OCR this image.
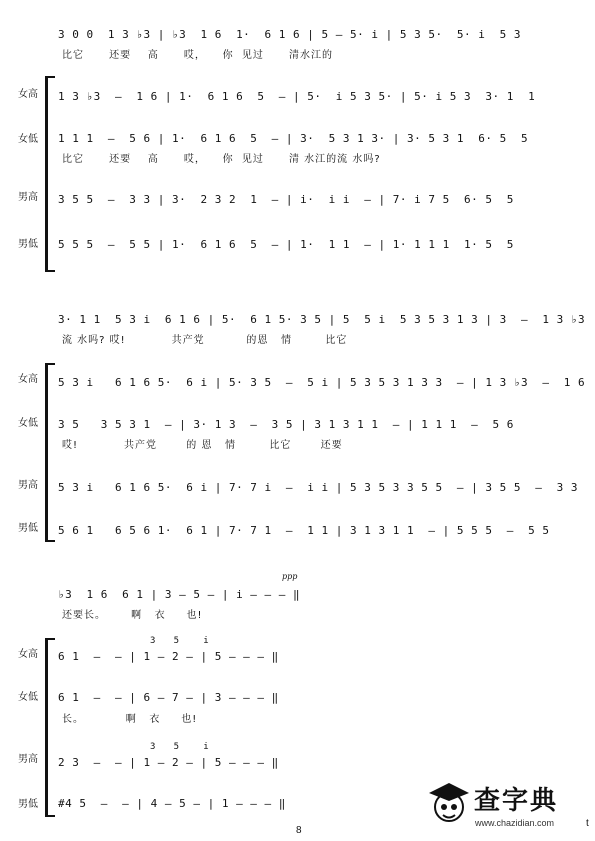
3 0 0  1 3 ♭3 | ♭3  1 6  1·  6 1 6 | 5 — 5· i | 5 3 5·  5· i  5 3
比它      还要    高      哎，    你  见过      清水江的
女高 1 3 ♭3  —  1 6 | 1·  6 1 6  5  — | 5·  i 5 3 5· | 5· i 5 3  3· 1  1
女低 1 1 1  —  5 6 | 1·  6 1 6  5  — | 3·  5 3 1 3· | 3· 5 3 1  6· 5  5
比它      还要    高      哎，    你  见过      清 水江的流 水吗?
男高 3 5 5  —  3 3 | 3·  2 3 2  1  — | i·  i i  — | 7· i 7 5  6· 5  5
男低 5 5 5  —  5 5 | 1·  6 1 6  5  — | 1·  1 1  — | 1· 1 1 1  1· 5  5
3· 1 1  5 3 i  6 1 6 | 5·  6 1 5· 3 5 | 5  5 i  5 3 5 3 1 3 | 3  —  1 3 ♭3
流 水吗? 哎!           共产党          的恩   情        比它
女高 5 3 i   6 1 6 5·  6 i | 5· 3 5  —  5 i | 5 3 5 3 1 3 3  — | 1 3 ♭3  —  1 6
女低 3 5   3 5 3 1  — | 3· 1 3  —  3 5 | 3 1 3 1 1  — | 1 1 1  —  5 6
哎!           共产党       的 恩   情        比它       还要
男高 5 3 i   6 1 6 5·  6 i | 7· 7 i  —  i i | 5 3 5 3 3 5 5  — | 3 5 5  —  3 3
男低 5 6 1   6 5 6 1·  6 1 | 7· 7 1  —  1 1 | 3 1 3 1 1  — | 5 5 5  —  5 5
♭3  1 6  6 1 | 3 — 5 — | i — — — ‖
还要长。      啊   衣     也!
ppp
女高
3   5    i
6 1  —  — | 1 — 2 — | 5 — — — ‖
女低 6 1  —  — | 6 — 7 — | 3 — — — ‖
长。          啊   衣     也!
男高
3   5    i
2 3  —  — | 1 — 2 — | 5 — — — ‖
男低 #4 5  —  — | 4 — 5 — | 1 — — — ‖
8
查字典
www.chazidian.com	t
